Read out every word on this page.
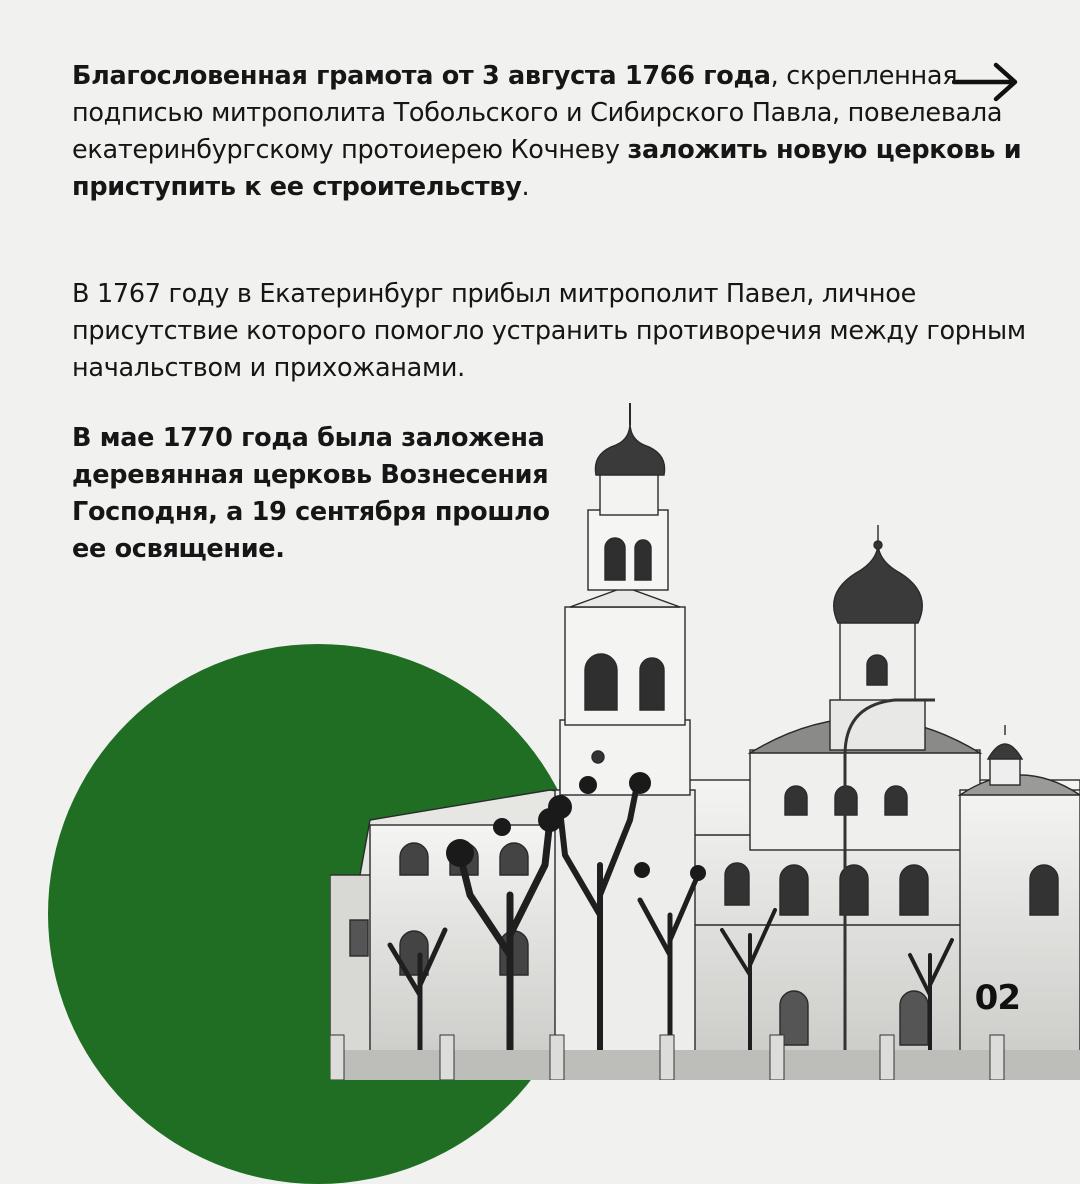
Благословенная грамота от 3 августа 1766 года, скрепленная подписью митрополита Тобольского и Сибирского Павла, повелевала екатеринбургскому протоиерею Кочневу заложить новую церковь и приступить к ее строительству.

В 1767 году в Екатеринбург прибыл митрополит Павел, личное присутствие которого помогло устранить противоречия между горным начальством и прихожанами.

В мае 1770 года была заложена деревянная церковь Вознесения Господня, а 19 сентября прошло ее освящение.

02
